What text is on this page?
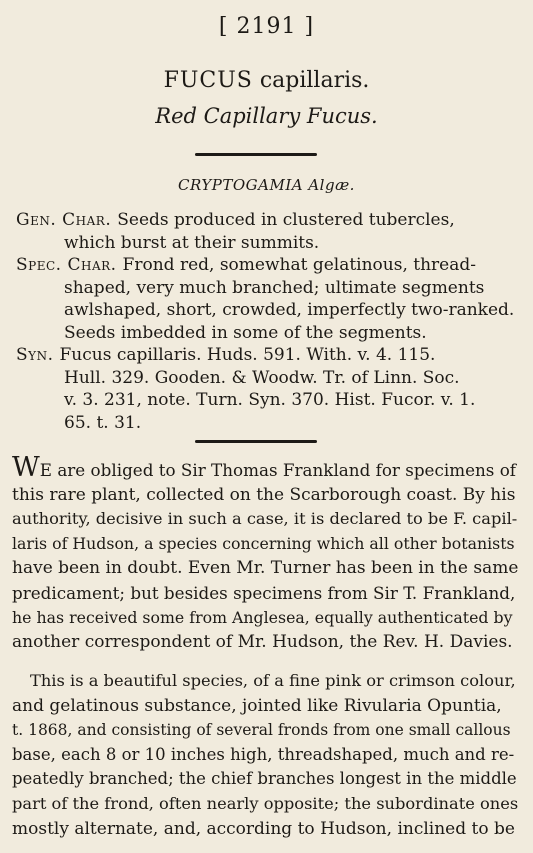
[ 2191 ]
FUCUS capillaris.
Red Capillary Fucus.
CRYPTOGAMIA Algæ.
Gen. Char. Seeds produced in clustered tubercles,
which burst at their summits.
Spec. Char. Frond red, somewhat gelatinous, thread-
shaped, very much branched; ultimate segments
awlshaped, short, crowded, imperfectly two-ranked.
Seeds imbedded in some of the segments.
Syn. Fucus capillaris. Huds. 591. With. v. 4. 115.
Hull. 329. Gooden. & Woodw. Tr. of Linn. Soc.
v. 3. 231, note. Turn. Syn. 370. Hist. Fucor. v. 1.
65. t. 31.
WE are obliged to Sir Thomas Frankland for specimens of
this rare plant, collected on the Scarborough coast. By his
authority, decisive in such a case, it is declared to be F. capil-
laris of Hudson, a species concerning which all other botanists
have been in doubt. Even Mr. Turner has been in the same
predicament; but besides specimens from Sir T. Frankland,
he has received some from Anglesea, equally authenticated by
another correspondent of Mr. Hudson, the Rev. H. Davies.
This is a beautiful species, of a fine pink or crimson colour,
and gelatinous substance, jointed like Rivularia Opuntia,
t. 1868, and consisting of several fronds from one small callous
base, each 8 or 10 inches high, threadshaped, much and re-
peatedly branched; the chief branches longest in the middle
part of the frond, often nearly opposite; the subordinate ones
mostly alternate, and, according to Hudson, inclined to be
